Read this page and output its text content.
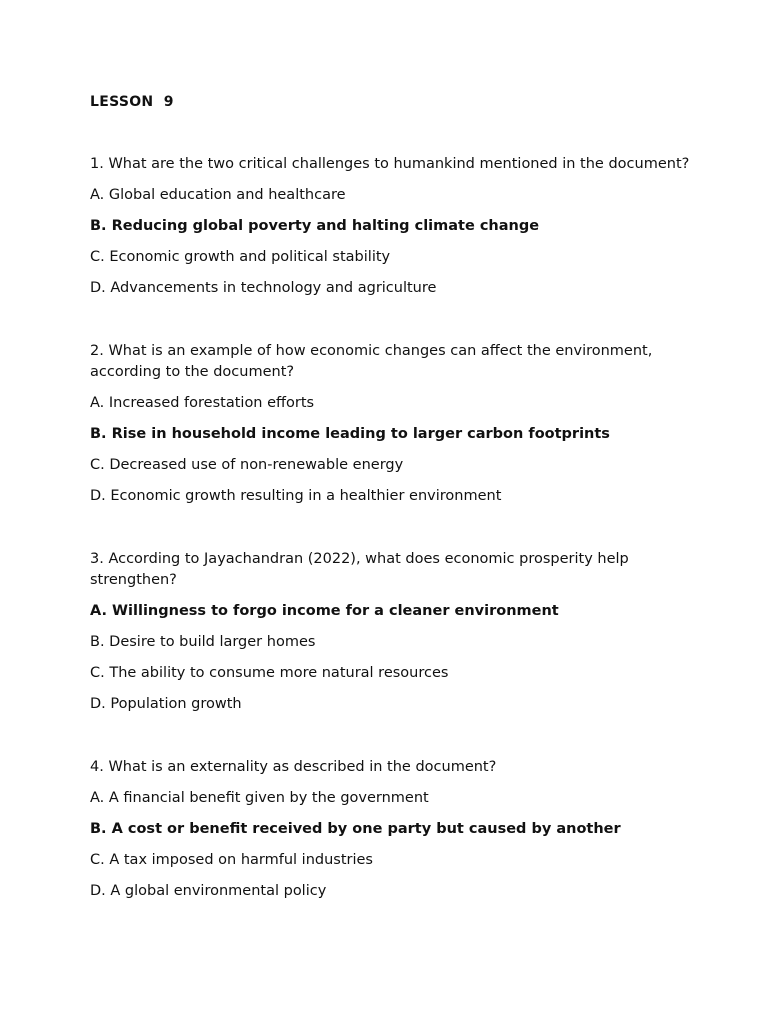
LESSON  9
1. What are the two critical challenges to humankind mentioned in the document?
A. Global education and healthcare
B. Reducing global poverty and halting climate change
C. Economic growth and political stability
D. Advancements in technology and agriculture
2. What is an example of how economic changes can affect the environment, according to the document?
A. Increased forestation efforts
B. Rise in household income leading to larger carbon footprints
C. Decreased use of non-renewable energy
D. Economic growth resulting in a healthier environment
3. According to Jayachandran (2022), what does economic prosperity help strengthen?
A. Willingness to forgo income for a cleaner environment
B. Desire to build larger homes
C. The ability to consume more natural resources
D. Population growth
4. What is an externality as described in the document?
A. A financial benefit given by the government
B. A cost or benefit received by one party but caused by another
C. A tax imposed on harmful industries
D. A global environmental policy
